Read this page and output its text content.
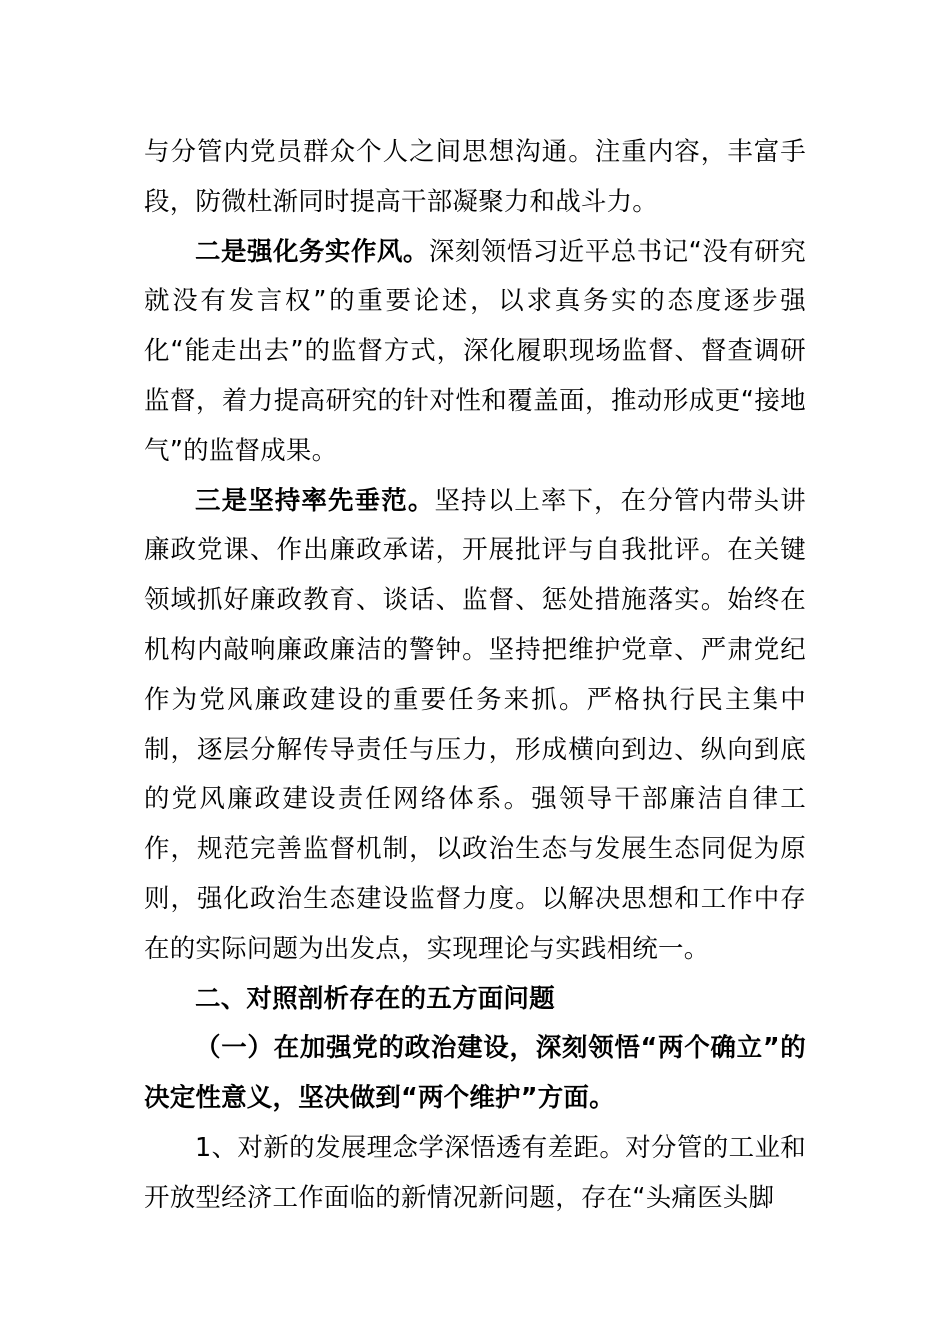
与分管内党员群众个人之间思想沟通。注重内容，丰富手段，防微杜渐同时提高干部凝聚力和战斗力。

二是强化务实作风。深刻领悟习近平总书记“没有研究就没有发言权”的重要论述，以求真务实的态度逐步强化“能走出去”的监督方式，深化履职现场监督、督查调研监督，着力提高研究的针对性和覆盖面，推动形成更“接地气”的监督成果。

三是坚持率先垂范。坚持以上率下，在分管内带头讲廉政党课、作出廉政承诺，开展批评与自我批评。在关键领域抓好廉政教育、谈话、监督、惩处措施落实。始终在机构内敲响廉政廉洁的警钟。坚持把维护党章、严肃党纪作为党风廉政建设的重要任务来抓。严格执行民主集中制，逐层分解传导责任与压力，形成横向到边、纵向到底的党风廉政建设责任网络体系。强领导干部廉洁自律工作，规范完善监督机制，以政治生态与发展生态同促为原则，强化政治生态建设监督力度。以解决思想和工作中存在的实际问题为出发点，实现理论与实践相统一。

二、对照剖析存在的五方面问题

（一）在加强党的政治建设，深刻领悟“两个确立”的决定性意义，坚决做到“两个维护”方面。

1、对新的发展理念学深悟透有差距。对分管的工业和开放型经济工作面临的新情况新问题，存在“头痛医头脚
